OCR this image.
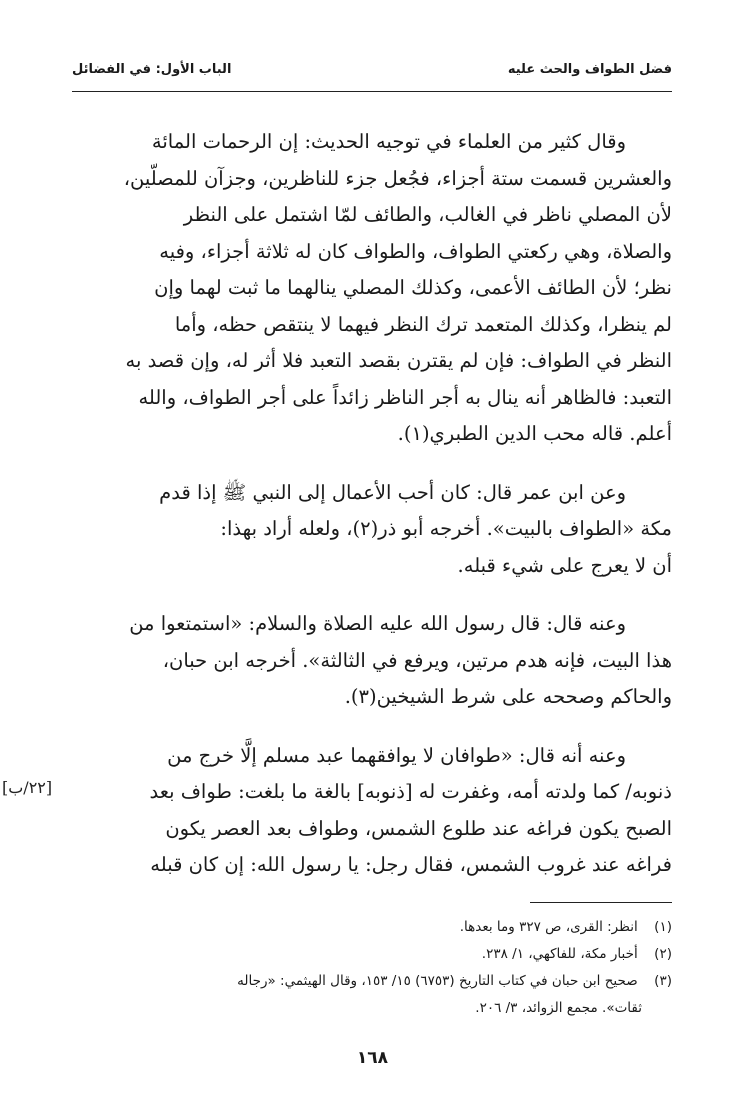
فضل الطواف والحث عليه
الباب الأول: في الفضائل

وقال كثير من العلماء في توجيه الحديث: إن الرحمات المائة
والعشرين قسمت ستة أجزاء، فجُعل جزء للناظرين، وجزآن للمصلّين،
لأن المصلي ناظر في الغالب، والطائف لمّا اشتمل على النظر
والصلاة، وهي ركعتي الطواف، والطواف كان له ثلاثة أجزاء، وفيه
نظر؛ لأن الطائف الأعمى، وكذلك المصلي ينالهما ما ثبت لهما وإن
لم ينظرا، وكذلك المتعمد ترك النظر فيهما لا ينتقص حظه، وأما
النظر في الطواف: فإن لم يقترن بقصد التعبد فلا أثر له، وإن قصد به
التعبد: فالظاهر أنه ينال به أجر الناظر زائداً على أجر الطواف، والله
أعلم. قاله محب الدين الطبري(١).

وعن ابن عمر قال: كان أحب الأعمال إلى النبي ﷺ إذا قدم
مكة «الطواف بالبيت». أخرجه أبو ذر(٢)، ولعله أراد بهذا:
أن لا يعرج على شيء قبله.

وعنه قال: قال رسول الله عليه الصلاة والسلام: «استمتعوا من
هذا البيت، فإنه هدم مرتين، ويرفع في الثالثة». أخرجه ابن حبان،
والحاكم وصححه على شرط الشيخين(٣).

وعنه أنه قال: «طوافان لا يوافقهما عبد مسلم إلَّا خرج من
ذنوبه/ كما ولدته أمه، وغفرت له [ذنوبه] بالغة ما بلغت: طواف بعد
الصبح يكون فراغه عند طلوع الشمس، وطواف بعد العصر يكون
فراغه عند غروب الشمس، فقال رجل: يا رسول الله: إن كان قبله

[٢٢/ب]
(١) انظر: القرى، ص ٣٢٧ وما بعدها.
(٢) أخبار مكة، للفاكهي، ١/ ٢٣٨.
(٣) صحيح ابن حبان في كتاب التاريخ (٦٧٥٣) ١٥/ ١٥٣، وقال الهيثمي: «رجاله
ثقات». مجمع الزوائد، ٣/ ٢٠٦.
١٦٨
